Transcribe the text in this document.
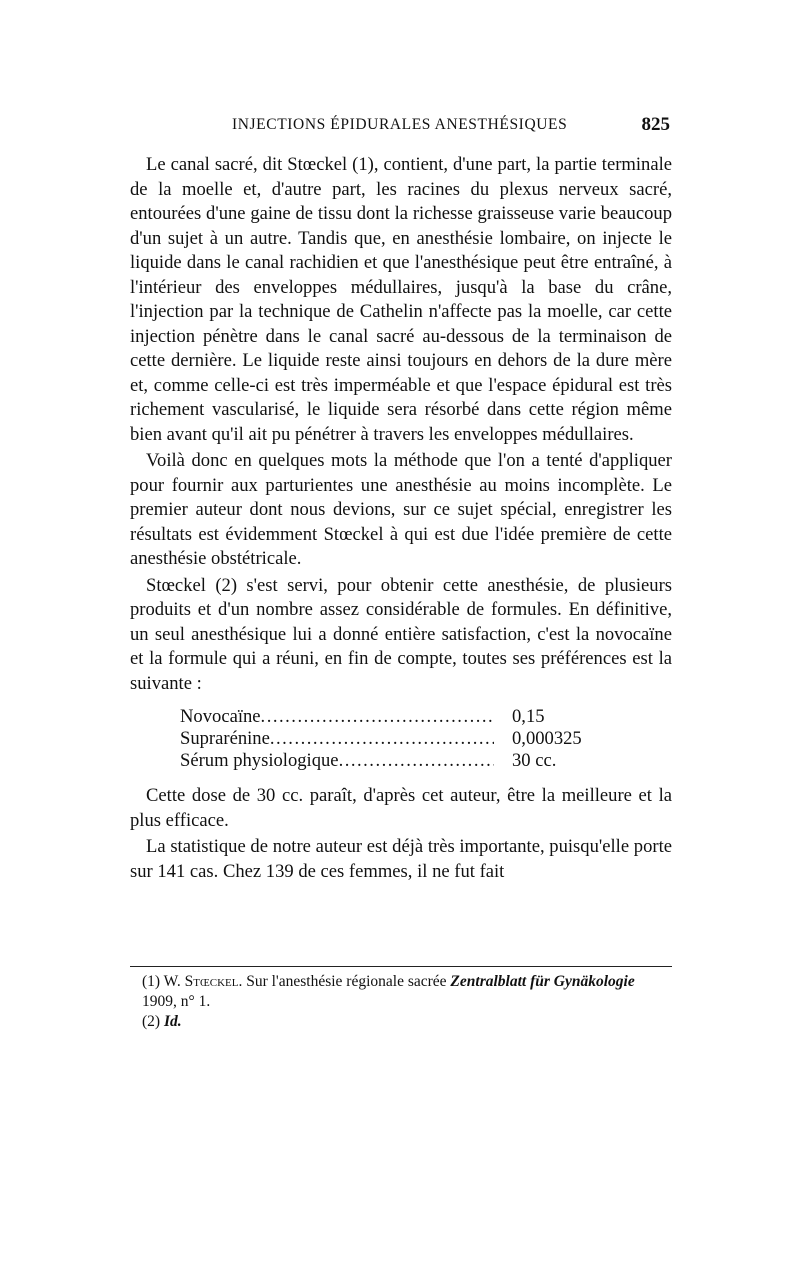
INJECTIONS ÉPIDURALES ANESTHÉSIQUES	825

Le canal sacré, dit Stœckel (1), contient, d'une part, la partie terminale de la moelle et, d'autre part, les racines du plexus nerveux sacré, entourées d'une gaine de tissu dont la richesse graisseuse varie beaucoup d'un sujet à un autre. Tandis que, en anesthésie lombaire, on injecte le liquide dans le canal rachidien et que l'anesthésique peut être entraîné, à l'intérieur des enveloppes médullaires, jusqu'à la base du crâne, l'injection par la technique de Cathelin n'affecte pas la moelle, car cette injection pénètre dans le canal sacré au-dessous de la terminaison de cette dernière. Le liquide reste ainsi toujours en dehors de la dure mère et, comme celle-ci est très imperméable et que l'espace épidural est très richement vascularisé, le liquide sera résorbé dans cette région même bien avant qu'il ait pu pénétrer à travers les enveloppes médullaires.

Voilà donc en quelques mots la méthode que l'on a tenté d'appliquer pour fournir aux parturientes une anesthésie au moins incomplète. Le premier auteur dont nous devions, sur ce sujet spécial, enregistrer les résultats est évidemment Stœckel à qui est due l'idée première de cette anesthésie obstétricale.

Stœckel (2) s'est servi, pour obtenir cette anesthésie, de plusieurs produits et d'un nombre assez considérable de formules. En définitive, un seul anesthésique lui a donné entière satisfaction, c'est la novocaïne et la formule qui a réuni, en fin de compte, toutes ses préférences est la suivante :

Novocaïne .....	0,15
Suprarénine .....	0,000325
Sérum physiologique .....	30 cc.

Cette dose de 30 cc. paraît, d'après cet auteur, être la meilleure et la plus efficace.

La statistique de notre auteur est déjà très importante, puisqu'elle porte sur 141 cas. Chez 139 de ces femmes, il ne fut fait

(1) W. Stœckel. Sur l'anesthésie régionale sacrée Zentralblatt für Gynäkologie 1909, n° 1.

(2) Id.
